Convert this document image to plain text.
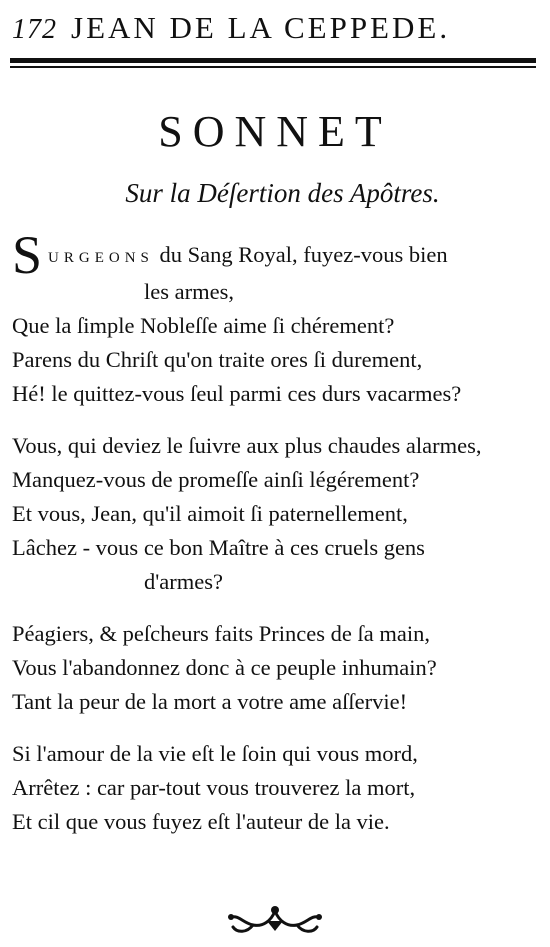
172 JEAN DE LA CEPPEDE.
SONNET
Sur la Déſertion des Apôtres.
S URGEONS du Sang Royal, fuyez-vous bien
les armes,
Que la ſimple Nobleſſe aime ſi chérement?
Parens du Chriſt qu'on traite ores ſi durement,
Hé! le quittez-vous ſeul parmi ces durs vacarmes?
Vous, qui deviez le ſuivre aux plus chaudes alarmes,
Manquez-vous de promeſſe ainſi légérement?
Et vous, Jean, qu'il aimoit ſi paternellement,
Lâchez - vous ce bon Maître à ces cruels gens
d'armes?
Péagiers, & peſcheurs faits Princes de ſa main,
Vous l'abandonnez donc à ce peuple inhumain?
Tant la peur de la mort a votre ame aſſervie!
Si l'amour de la vie eſt le ſoin qui vous mord,
Arrêtez : car par-tout vous trouverez la mort,
Et cil que vous fuyez eſt l'auteur de la vie.
